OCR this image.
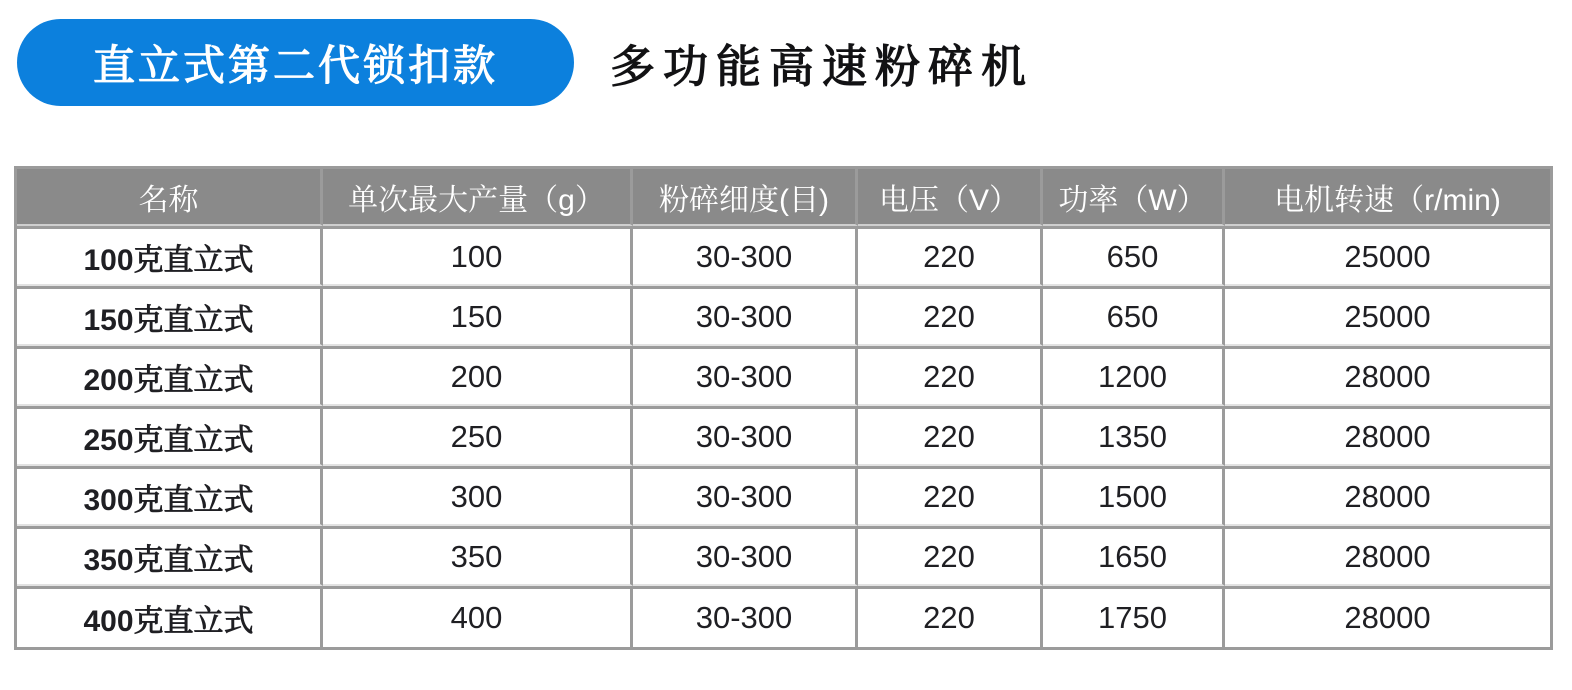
直立式第二代锁扣款	多功能高速粉碎机
名称	单次最大产量（g）	粉碎细度(目)	电压（V）	功率（W）	电机转速（r/min)
100克直立式	100	30-300	220	650	25000
150克直立式	150	30-300	220	650	25000
200克直立式	200	30-300	220	1200	28000
250克直立式	250	30-300	220	1350	28000
300克直立式	300	30-300	220	1500	28000
350克直立式	350	30-300	220	1650	28000
400克直立式	400	30-300	220	1750	28000
